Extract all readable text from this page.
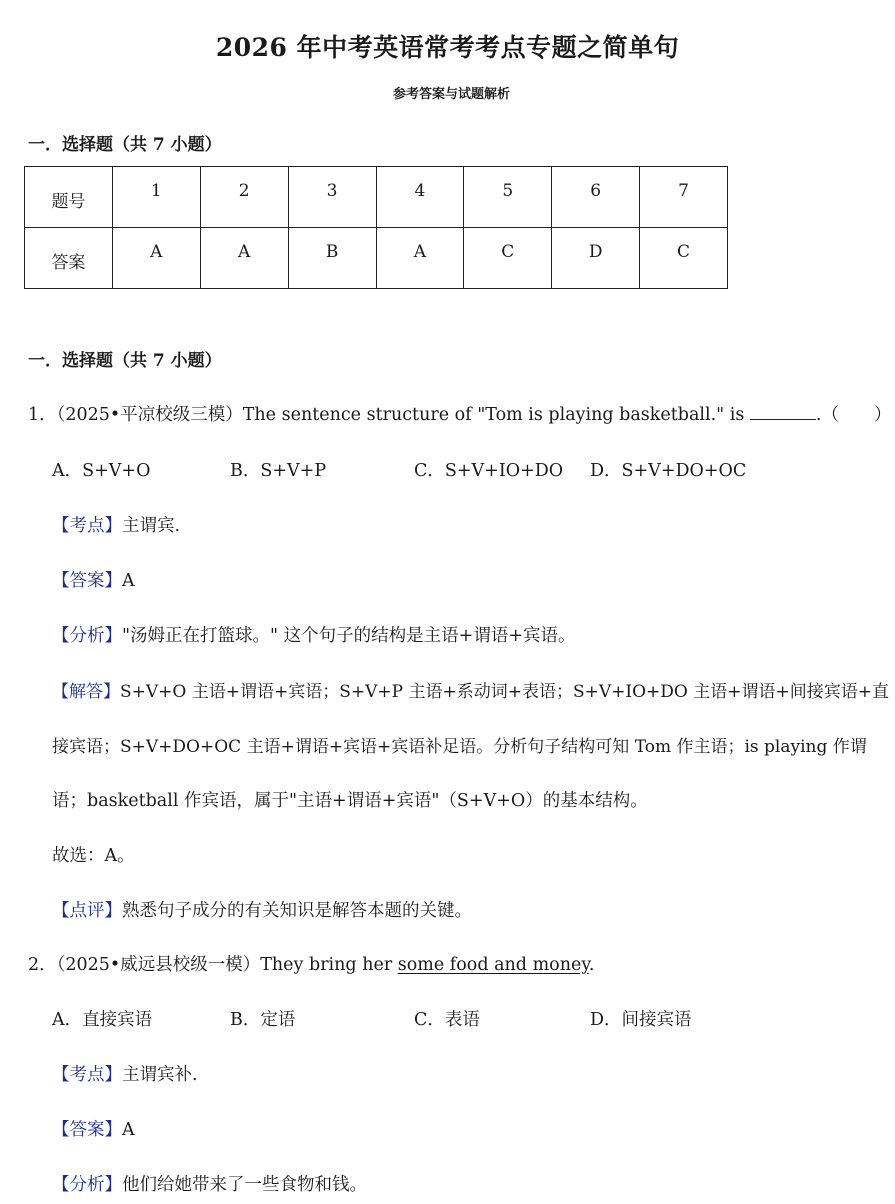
2026 年中考英语常考考点专题之简单句
参考答案与试题解析
一．选择题（共 7 小题）
题号	1	2	3	4	5	6	7

答案	A	A	B	A	C	D	C
一．选择题（共 7 小题）
1．（2025•平凉校级三模）The sentence structure of "Tom is playing basketball." is	.（　　）
A．S+V+O	B．S+V+P	C．S+V+IO+DO D．S+V+DO+OC
【考点】主谓宾.
【答案】A
【分析】"汤姆正在打篮球。" 这个句子的结构是主语+谓语+宾语。
【解答】S+V+O 主语+谓语+宾语；S+V+P 主语+系动词+表语；S+V+IO+DO 主语+谓语+间接宾语+直
接宾语；S+V+DO+OC 主语+谓语+宾语+宾语补足语。分析句子结构可知 Tom 作主语；is playing 作谓
语；basketball 作宾语，属于"主语+谓语+宾语"（S+V+O）的基本结构。
故选：A。
【点评】熟悉句子成分的有关知识是解答本题的关键。
2．（2025•威远县校级一模）They bring her some food and money.
A．直接宾语	B．定语	C．表语	D．间接宾语
【考点】主谓宾补.
【答案】A
【分析】他们给她带来了一些食物和钱。
